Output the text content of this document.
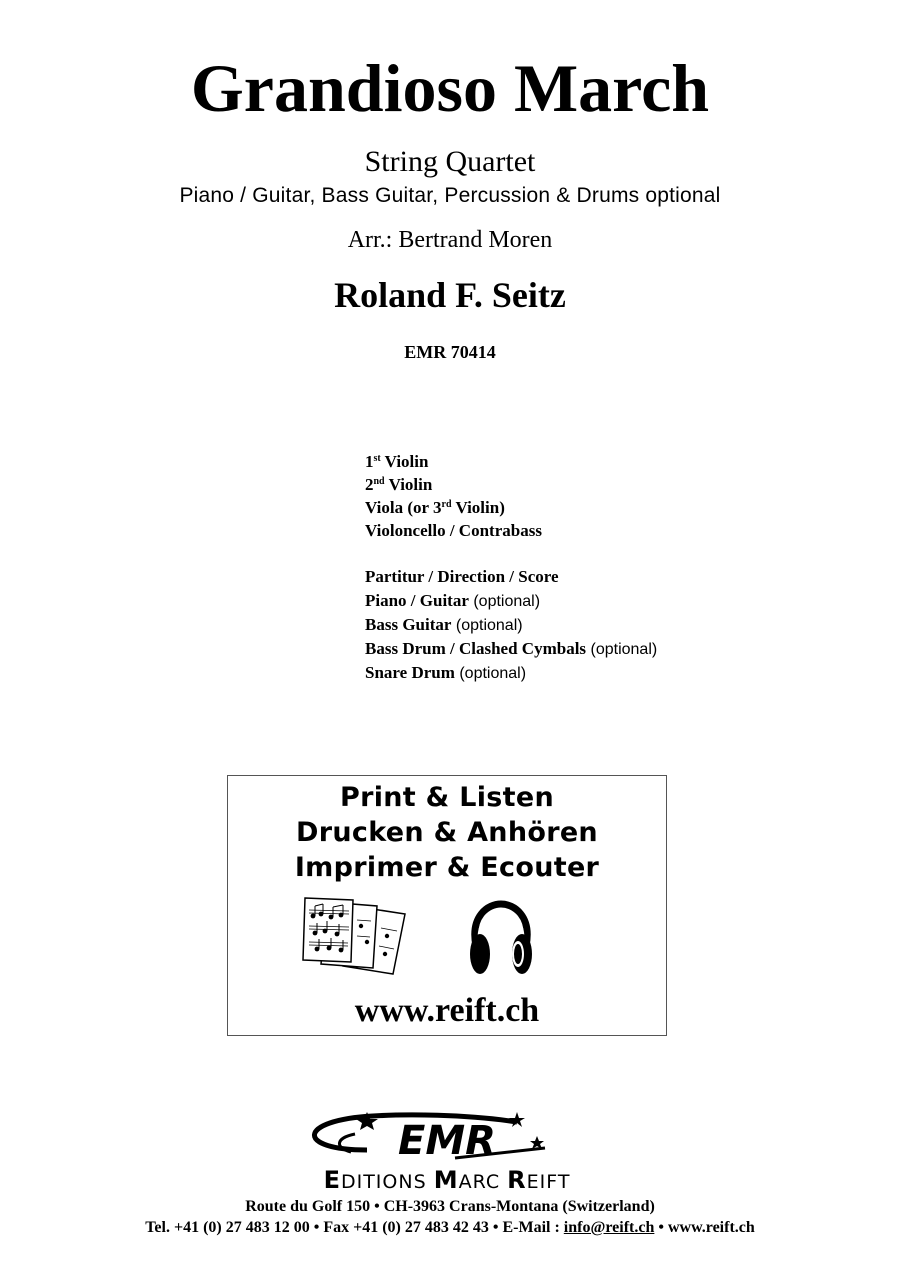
Grandioso March
String Quartet
Piano / Guitar, Bass Guitar, Percussion & Drums optional
Arr.: Bertrand Moren
Roland F. Seitz
EMR 70414
1st Violin
2nd Violin
Viola (or 3rd Violin)
Violoncello / Contrabass
Partitur / Direction / Score
Piano / Guitar (optional)
Bass Guitar (optional)
Bass Drum / Clashed Cymbals (optional)
Snare Drum (optional)
Print & Listen
Drucken & Anhören
Imprimer & Ecouter
www.reift.ch
EMR
EDITIONS MARC REIFT
Route du Golf 150 • CH-3963 Crans-Montana (Switzerland)
Tel. +41 (0) 27 483 12 00 • Fax +41 (0) 27 483 42 43 • E-Mail : info@reift.ch • www.reift.ch
